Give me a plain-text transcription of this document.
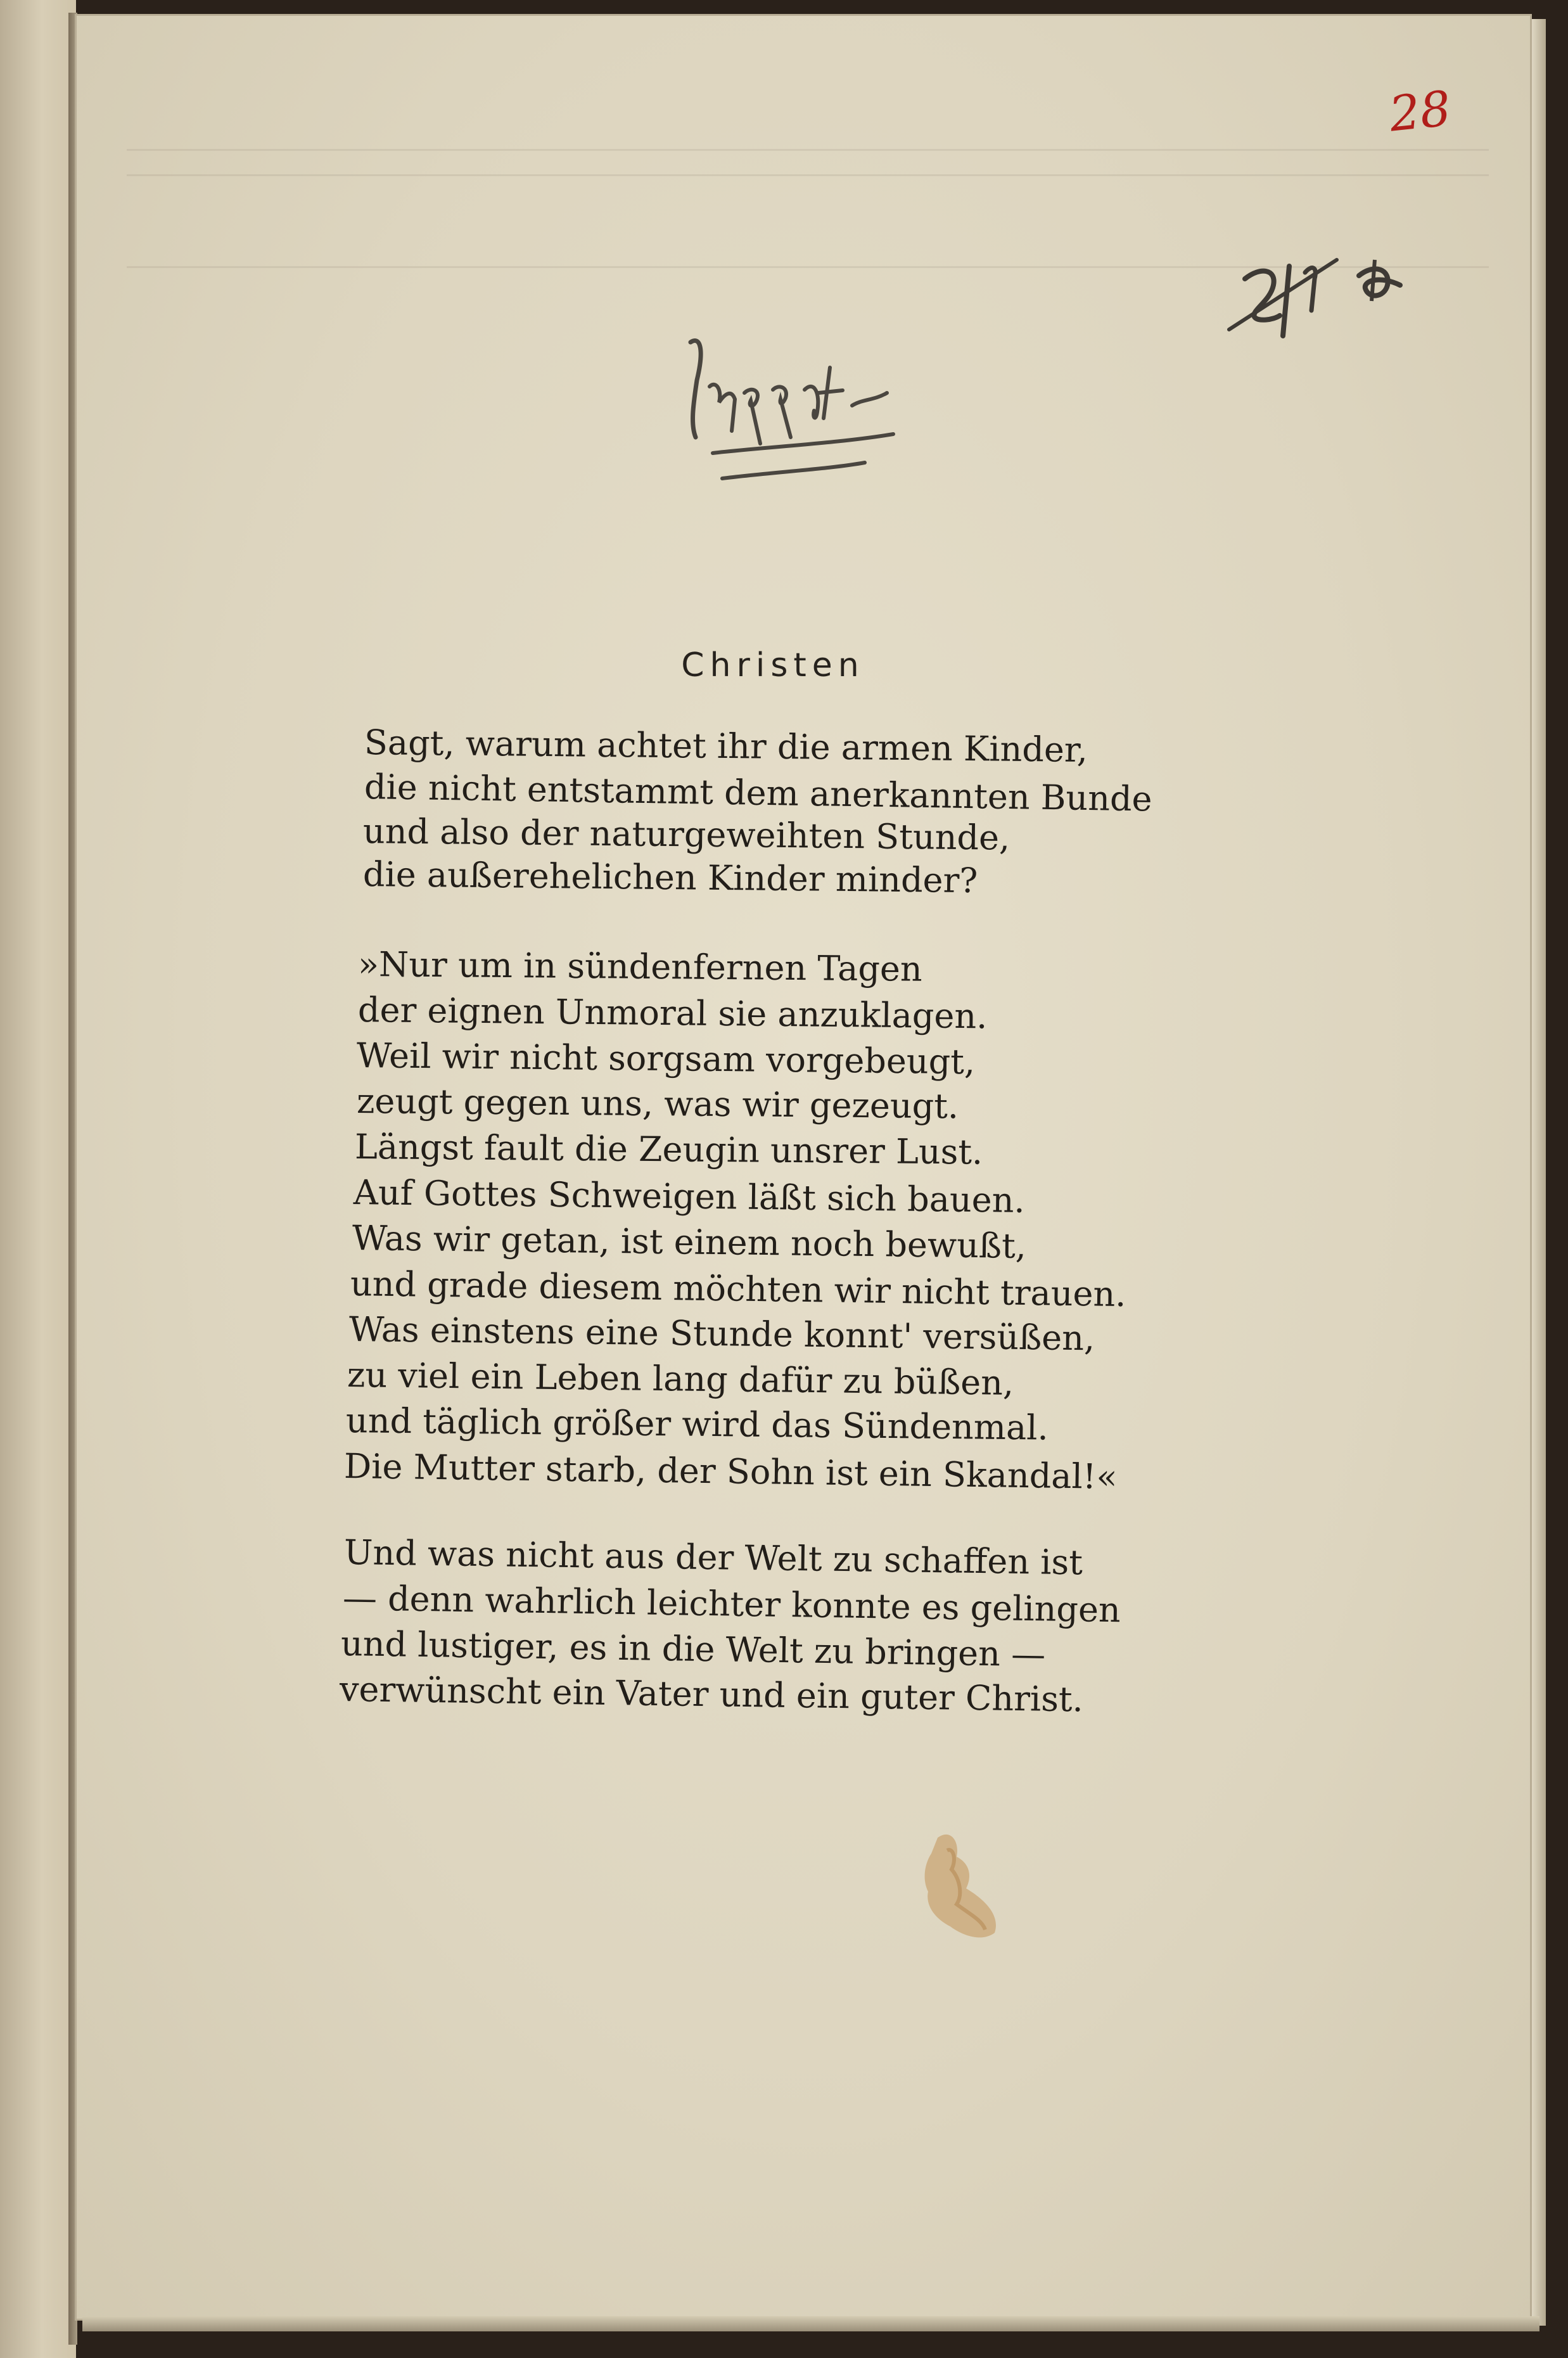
28
Christen
Sagt, warum achtet ihr die armen Kinder,
die nicht entstammt dem anerkannten Bunde
und also der naturgeweihten Stunde,
die außerehelichen Kinder minder?
»Nur um in sündenfernen Tagen
der eignen Unmoral sie anzuklagen.
Weil wir nicht sorgsam vorgebeugt,
zeugt gegen uns, was wir gezeugt.
Längst fault die Zeugin unsrer Lust.
Auf Gottes Schweigen läßt sich bauen.
Was wir getan, ist einem noch bewußt,
und grade diesem möchten wir nicht trauen.
Was einstens eine Stunde konnt' versüßen,
zu viel ein Leben lang dafür zu büßen,
und täglich größer wird das Sündenmal.
Die Mutter starb, der Sohn ist ein Skandal!«
Und was nicht aus der Welt zu schaffen ist
— denn wahrlich leichter konnte es gelingen
und lustiger, es in die Welt zu bringen —
verwünscht ein Vater und ein guter Christ.
